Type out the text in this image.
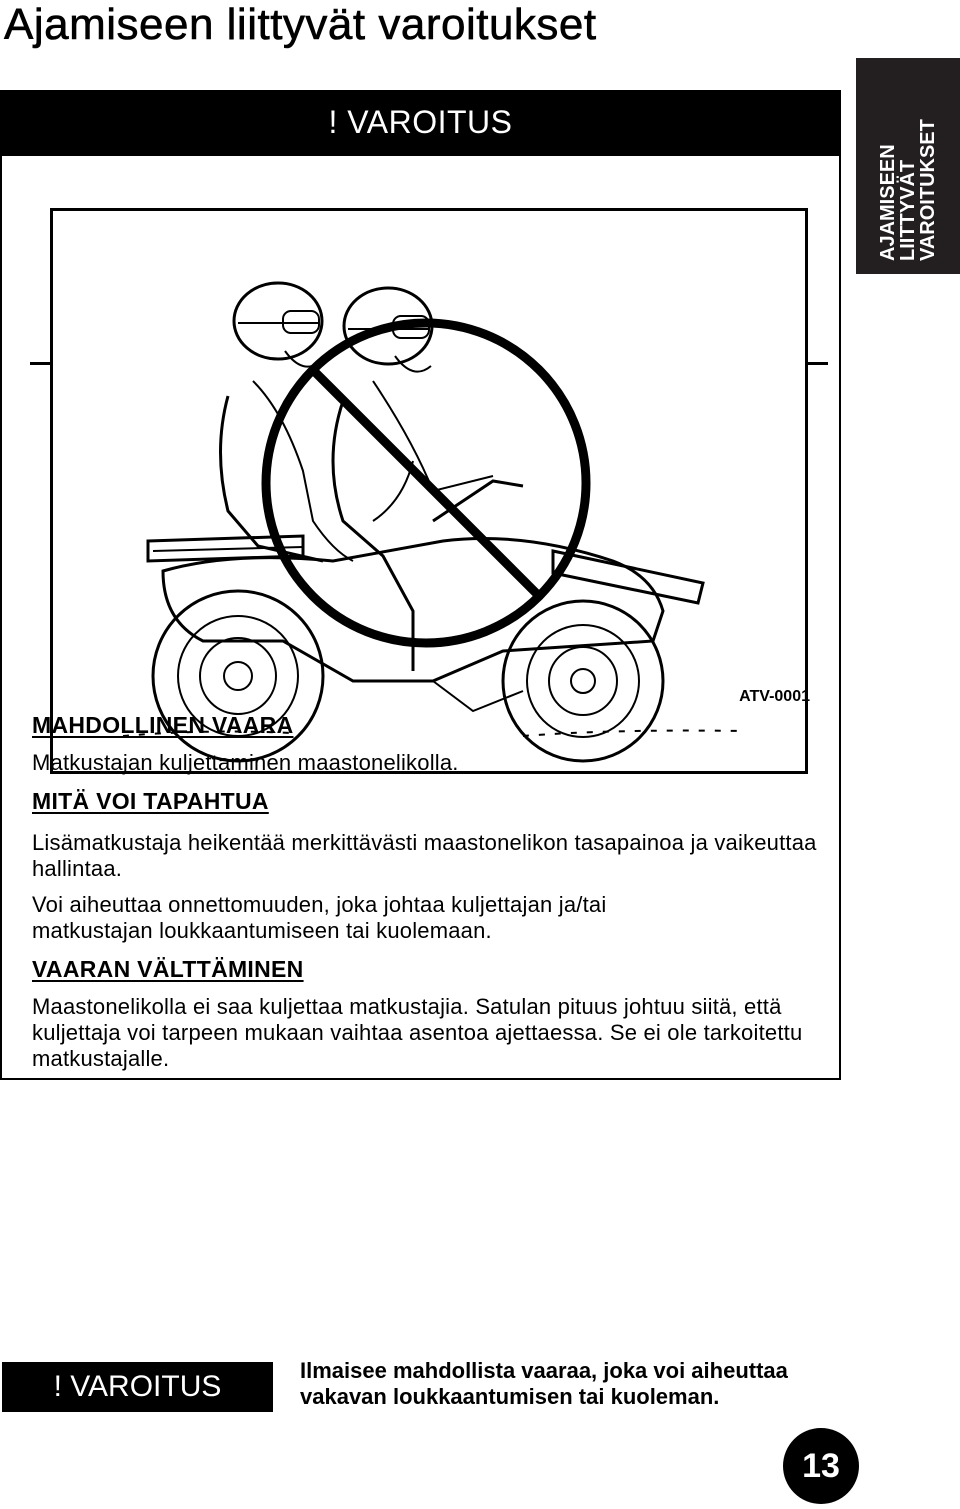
Ajamiseen liittyvät varoitukset
AJAMISEEN
LIITTYVÄT
VAROITUKSET
! VAROITUS
ATV-0001
MAHDOLLINEN VAARA
Matkustajan kuljettaminen maastonelikolla.
MITÄ VOI TAPAHTUA
Lisämatkustaja heikentää merkittävästi maastonelikon tasapainoa ja vaikeuttaa hallintaa.
Voi aiheuttaa onnettomuuden, joka johtaa kuljettajan ja/tai matkustajan loukkaantumiseen tai kuolemaan.
VAARAN VÄLTTÄMINEN
Maastonelikolla ei saa kuljettaa matkustajia. Satulan pituus johtuu siitä, että kuljettaja voi tarpeen mukaan vaihtaa asentoa ajettaessa. Se ei ole tarkoitettu matkustajalle.
! VAROITUS	Ilmaisee mahdollista vaaraa, joka voi aiheuttaa vakavan loukkaantumisen tai kuoleman.
13
